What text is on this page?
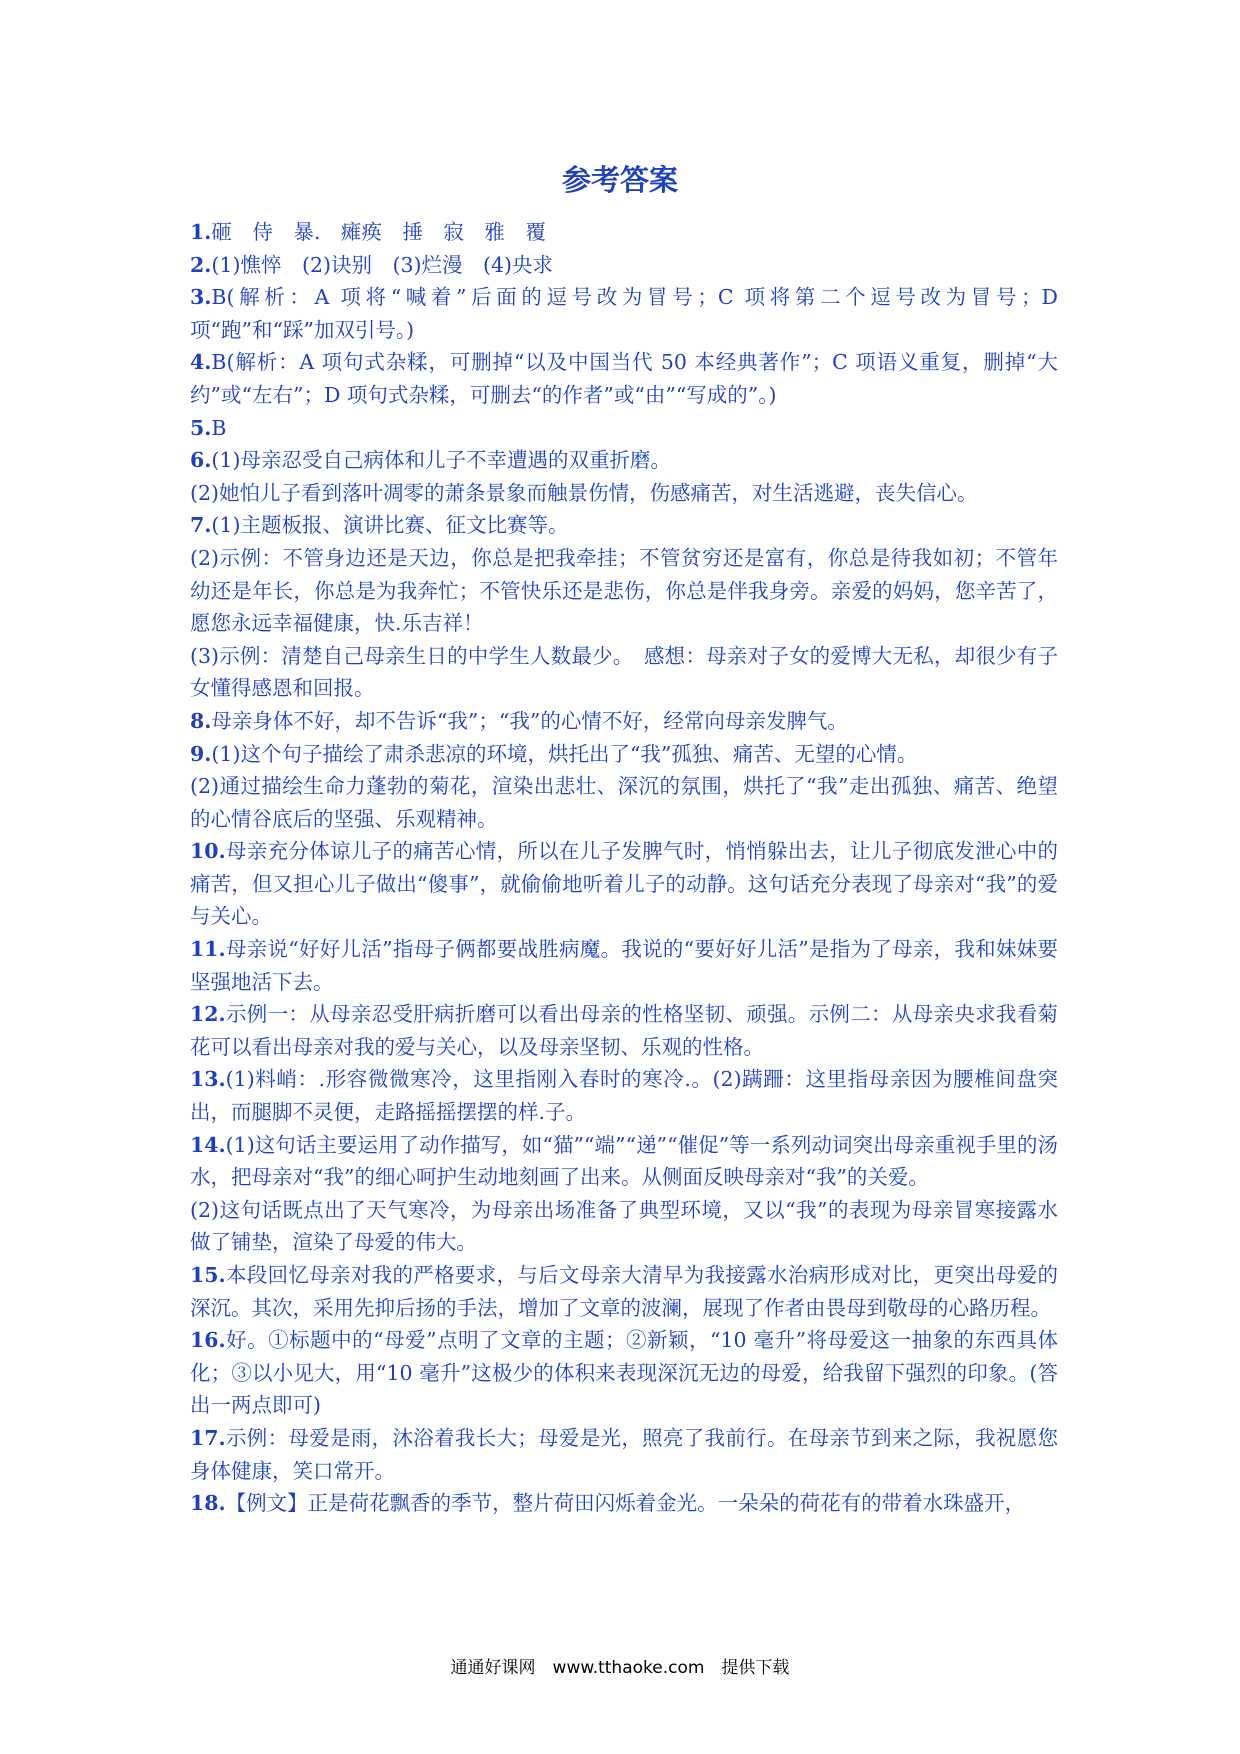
参考答案

1.砸　侍　暴.　瘫痪　捶　寂　雅　覆

2.(1)憔悴　(2)诀别　(3)烂漫　(4)央求

3.B(解析：A 项将“喊着”后面的逗号改为冒号；C 项将第二个逗号改为冒号；D 项“跑”和“踩”加双引号。)

4.B(解析：A 项句式杂糅，可删掉“以及中国当代 50 本经典著作”；C 项语义重复，删掉“大约”或“左右”；D 项句式杂糅，可删去“的作者”或“由”“写成的”。)

5.B

6.(1)母亲忍受自己病体和儿子不幸遭遇的双重折磨。

(2)她怕儿子看到落叶凋零的萧条景象而触景伤情，伤感痛苦，对生活逃避，丧失信心。

7.(1)主题板报、演讲比赛、征文比赛等。

(2)示例：不管身边还是天边，你总是把我牵挂；不管贫穷还是富有，你总是待我如初；不管年幼还是年长，你总是为我奔忙；不管快乐还是悲伤，你总是伴我身旁。亲爱的妈妈，您辛苦了，愿您永远幸福健康，快.乐吉祥！

(3)示例：清楚自己母亲生日的中学生人数最少。　感想：母亲对子女的爱博大无私，却很少有子女懂得感恩和回报。

8.母亲身体不好，却不告诉“我”；“我”的心情不好，经常向母亲发脾气。

9.(1)这个句子描绘了肃杀悲凉的环境，烘托出了“我”孤独、痛苦、无望的心情。

(2)通过描绘生命力蓬勃的菊花，渲染出悲壮、深沉的氛围，烘托了“我”走出孤独、痛苦、绝望的心情谷底后的坚强、乐观精神。

10.母亲充分体谅儿子的痛苦心情，所以在儿子发脾气时，悄悄躲出去，让儿子彻底发泄心中的痛苦，但又担心儿子做出“傻事”，就偷偷地听着儿子的动静。这句话充分表现了母亲对“我”的爱与关心。

11.母亲说“好好儿活”指母子俩都要战胜病魔。我说的“要好好儿活”是指为了母亲，我和妹妹要坚强地活下去。

12.示例一：从母亲忍受肝病折磨可以看出母亲的性格坚韧、顽强。示例二：从母亲央求我看菊花可以看出母亲对我的爱与关心，以及母亲坚韧、乐观的性格。

13.(1)料峭：.形容微微寒冷，这里指刚入春时的寒冷.。(2)蹒跚：这里指母亲因为腰椎间盘突出，而腿脚不灵便，走路摇摇摆摆的样.子。

14.(1)这句话主要运用了动作描写，如“猫”“端”“递”“催促”等一系列动词突出母亲重视手里的汤水，把母亲对“我”的细心呵护生动地刻画了出来。从侧面反映母亲对“我”的关爱。

(2)这句话既点出了天气寒冷，为母亲出场准备了典型环境，又以“我”的表现为母亲冒寒接露水做了铺垫，渲染了母爱的伟大。

15.本段回忆母亲对我的严格要求，与后文母亲大清早为我接露水治病形成对比，更突出母爱的深沉。其次，采用先抑后扬的手法，增加了文章的波澜，展现了作者由畏母到敬母的心路历程。

16.好。①标题中的“母爱”点明了文章的主题；②新颖，“10 毫升”将母爱这一抽象的东西具体化；③以小见大，用“10 毫升”这极少的体积来表现深沉无边的母爱，给我留下强烈的印象。(答出一两点即可)

17.示例：母爱是雨，沐浴着我长大；母爱是光，照亮了我前行。在母亲节到来之际，我祝愿您身体健康，笑口常开。

18.【例文】正是荷花飘香的季节，整片荷田闪烁着金光。一朵朵的荷花有的带着水珠盛开，

通通好课网　www.tthaoke.com　提供下载
